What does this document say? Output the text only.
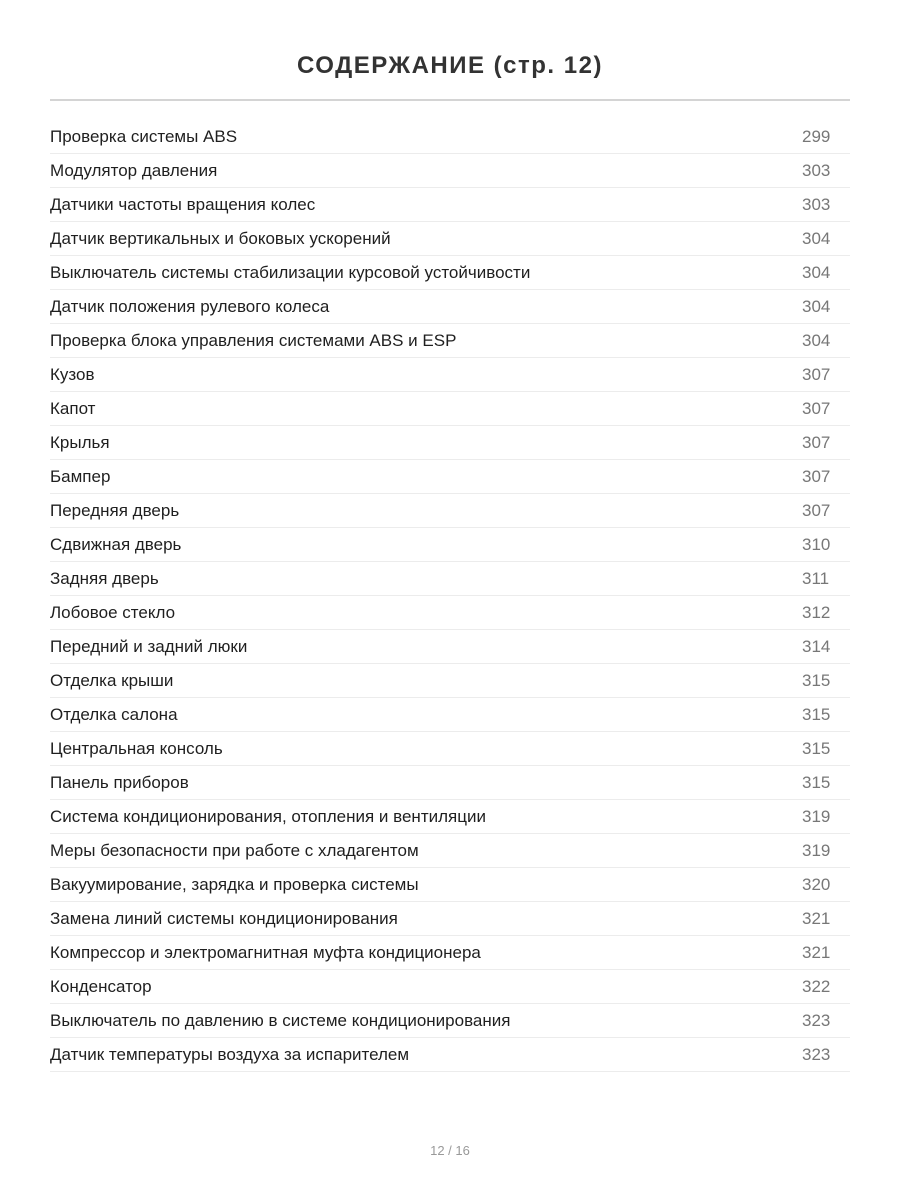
СОДЕРЖАНИЕ (стр. 12)
Проверка системы ABS	299
Модулятор давления	303
Датчики частоты вращения колес	303
Датчик вертикальных и боковых ускорений	304
Выключатель системы стабилизации курсовой устойчивости	304
Датчик положения рулевого колеса	304
Проверка блока управления системами ABS и ESP	304
Кузов	307
Капот	307
Крылья	307
Бампер	307
Передняя дверь	307
Сдвижная дверь	310
Задняя дверь	311
Лобовое стекло	312
Передний и задний люки	314
Отделка крыши	315
Отделка салона	315
Центральная консоль	315
Панель приборов	315
Система кондиционирования, отопления и вентиляции	319
Меры безопасности при работе с хладагентом	319
Вакуумирование, зарядка и проверка системы	320
Замена линий системы кондиционирования	321
Компрессор и электромагнитная муфта кондиционера	321
Конденсатор	322
Выключатель по давлению в системе кондиционирования	323
Датчик температуры воздуха за испарителем	323
12 / 16
